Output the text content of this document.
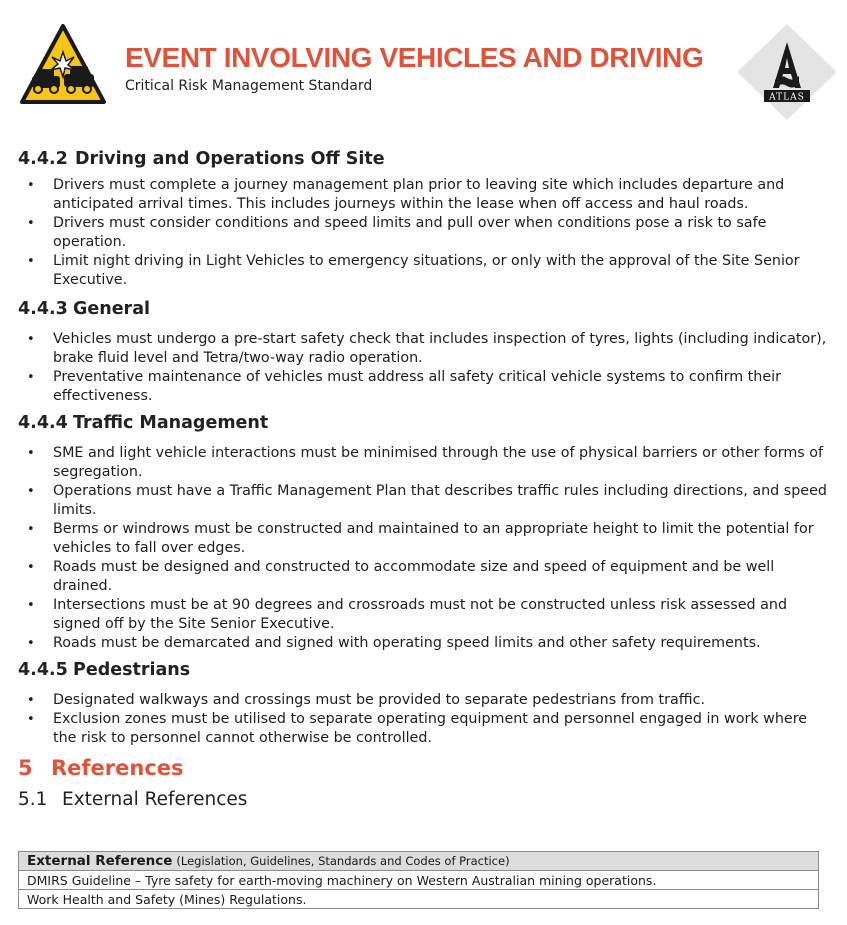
EVENT INVOLVING VEHICLES AND DRIVING
Critical Risk Management Standard
ATLAS
4.4.2 Driving and Operations Off Site
• Drivers must complete a journey management plan prior to leaving site which includes departure and anticipated arrival times. This includes journeys within the lease when off access and haul roads.
• Drivers must consider conditions and speed limits and pull over when conditions pose a risk to safe operation.
• Limit night driving in Light Vehicles to emergency situations, or only with the approval of the Site Senior Executive.
4.4.3 General
• Vehicles must undergo a pre-start safety check that includes inspection of tyres, lights (including indicator), brake fluid level and Tetra/two-way radio operation.
• Preventative maintenance of vehicles must address all safety critical vehicle systems to confirm their effectiveness.
4.4.4 Traffic Management
• SME and light vehicle interactions must be minimised through the use of physical barriers or other forms of segregation.
• Operations must have a Traffic Management Plan that describes traffic rules including directions, and speed limits.
• Berms or windrows must be constructed and maintained to an appropriate height to limit the potential for vehicles to fall over edges.
• Roads must be designed and constructed to accommodate size and speed of equipment and be well drained.
• Intersections must be at 90 degrees and crossroads must not be constructed unless risk assessed and signed off by the Site Senior Executive.
• Roads must be demarcated and signed with operating speed limits and other safety requirements.
4.4.5 Pedestrians
• Designated walkways and crossings must be provided to separate pedestrians from traffic.
• Exclusion zones must be utilised to separate operating equipment and personnel engaged in work where the risk to personnel cannot otherwise be controlled.
5 References
5.1 External References
External Reference (Legislation, Guidelines, Standards and Codes of Practice)
DMIRS Guideline – Tyre safety for earth-moving machinery on Western Australian mining operations.
Work Health and Safety (Mines) Regulations.
